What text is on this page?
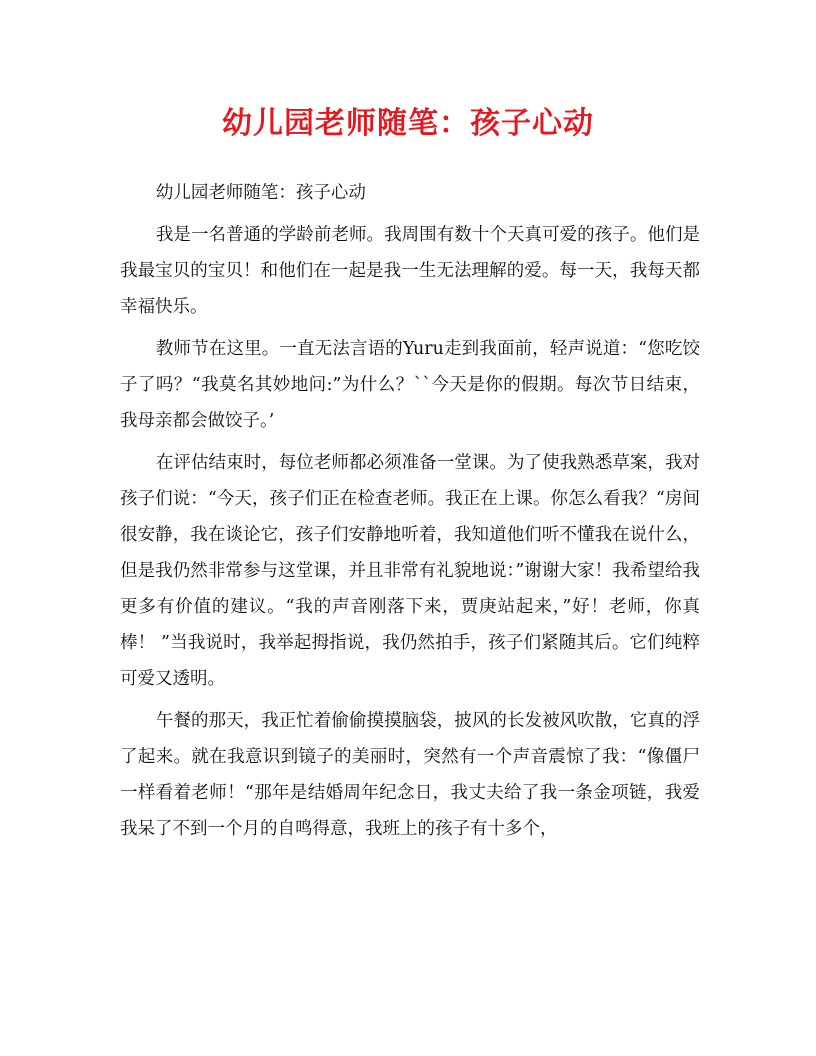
幼儿园老师随笔：孩子心动

幼儿园老师随笔：孩子心动

我是一名普通的学龄前老师。我周围有数十个天真可爱的孩子。他们是我最宝贝的宝贝！和他们在一起是我一生无法理解的爱。每一天，我每天都幸福快乐。

教师节在这里。一直无法言语的Yuru走到我面前，轻声说道：“您吃饺子了吗？“我莫名其妙地问:”为什么？``今天是你的假期。每次节日结束，我母亲都会做饺子。’

在评估结束时，每位老师都必须准备一堂课。为了使我熟悉草案，我对孩子们说：“今天，孩子们正在检查老师。我正在上课。你怎么看我？“房间很安静，我在谈论它，孩子们安静地听着，我知道他们听不懂我在说什么，但是我仍然非常参与这堂课，并且非常有礼貌地说：”谢谢大家！我希望给我更多有价值的建议。“我的声音刚落下来，贾庚站起来，”好！老师，你真棒！ ”当我说时，我举起拇指说，我仍然拍手，孩子们紧随其后。它们纯粹可爱又透明。

午餐的那天，我正忙着偷偷摸摸脑袋，披风的长发被风吹散，它真的浮了起来。就在我意识到镜子的美丽时，突然有一个声音震惊了我：“像僵尸一样看着老师！“那年是结婚周年纪念日，我丈夫给了我一条金项链，我爱我呆了不到一个月的自鸣得意，我班上的孩子有十多个，
